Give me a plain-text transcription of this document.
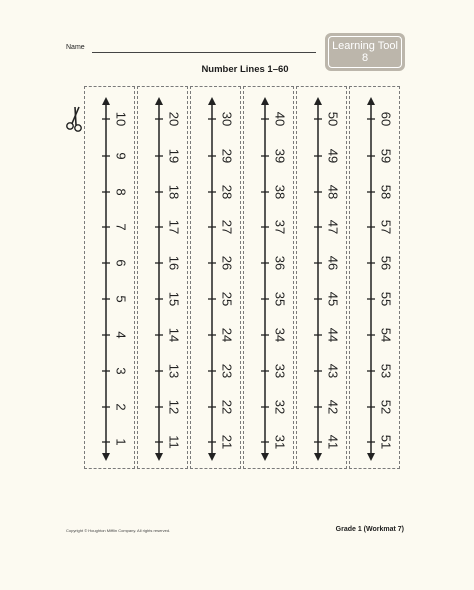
Name	Learning Tool
8
Number Lines 1–60
1
2
3
4
5
6
7
8
9
10
11
12
13
14
15
16
17
18
19
20
21
22
23
24
25
26
27
28
29
30
31
32
33
34
35
36
37
38
39
40
41
42
43
44
45
46
47
48
49
50
51
52
53
54
55
56
57
58
59
60
Copyright © Houghton Mifflin Company. All rights reserved.	Grade 1 (Workmat 7)
